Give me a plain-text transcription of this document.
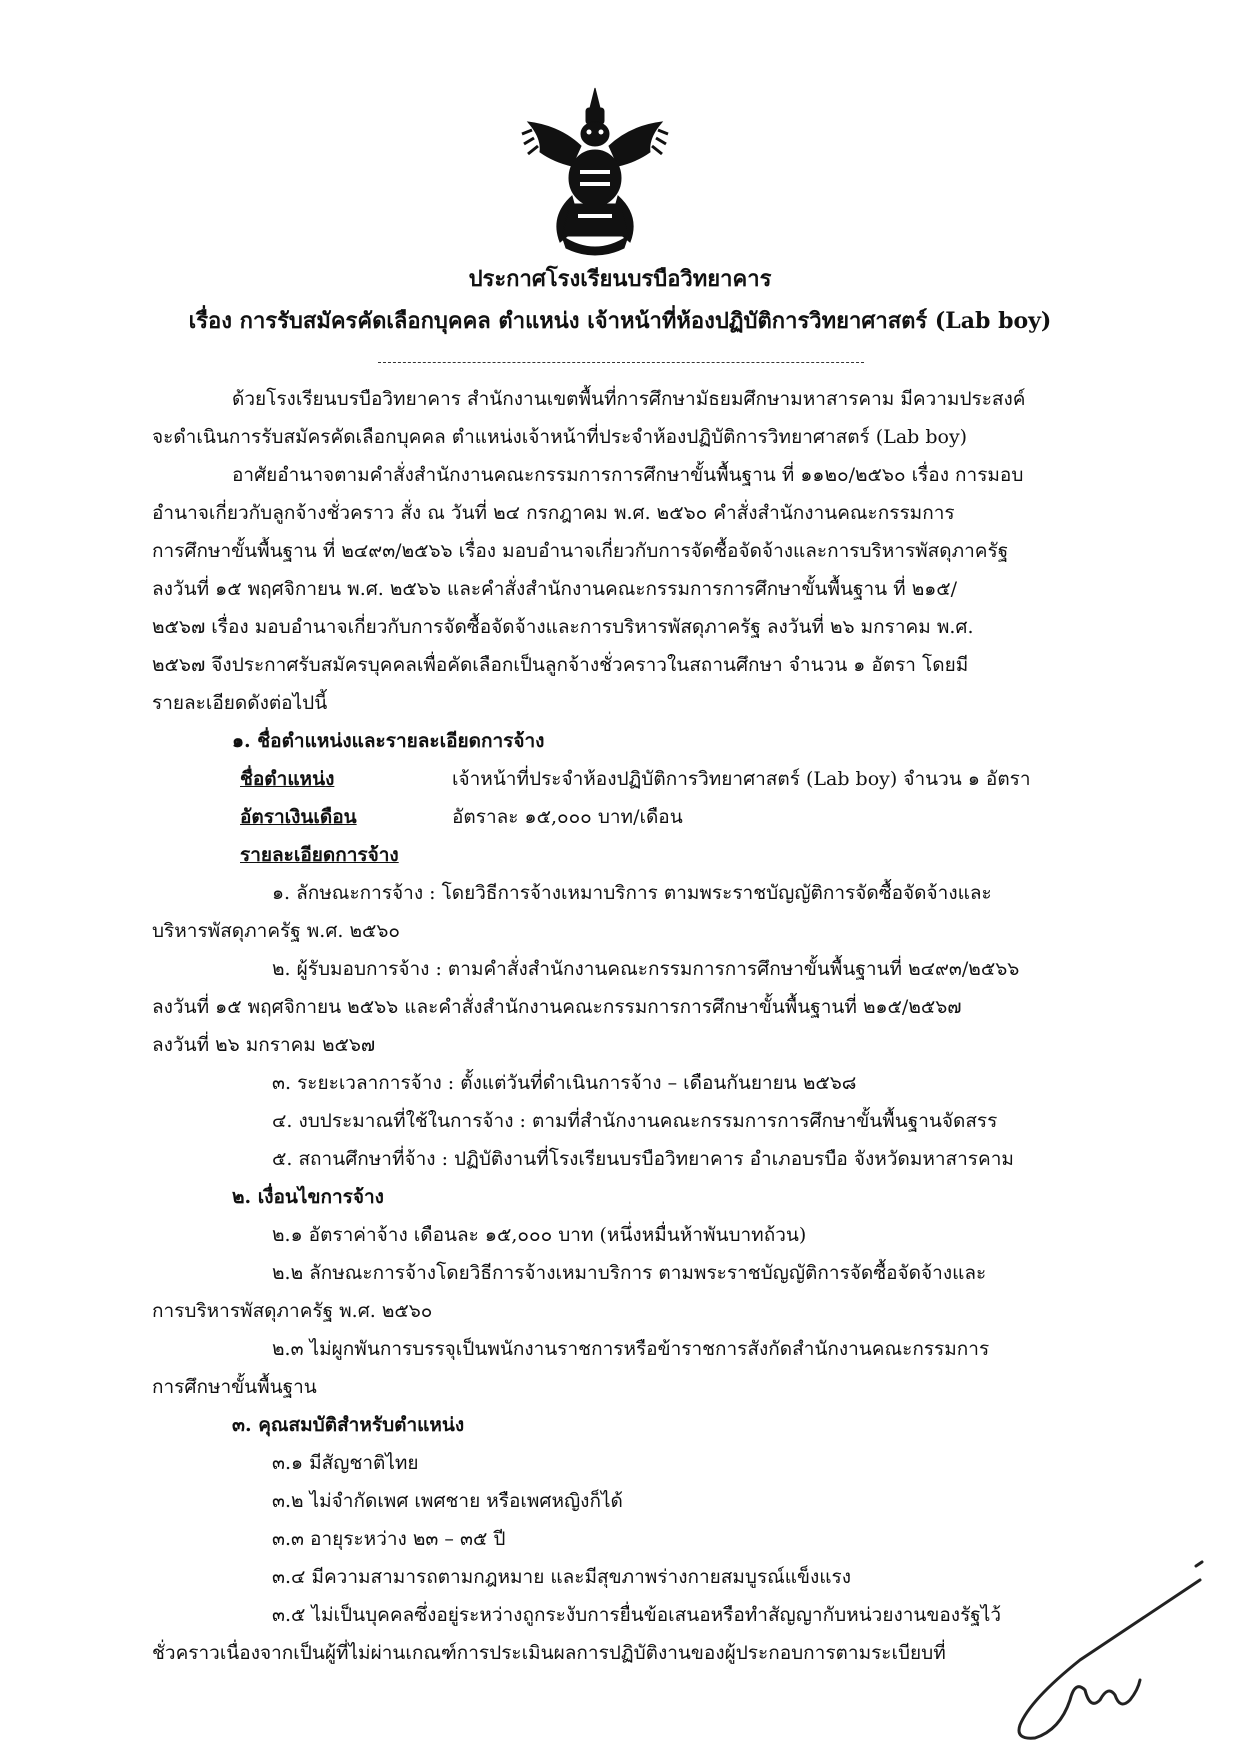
ประกาศโรงเรียนบรบือวิทยาคาร
เรื่อง การรับสมัครคัดเลือกบุคคล ตำแหน่ง เจ้าหน้าที่ห้องปฏิบัติการวิทยาศาสตร์ (Lab boy)
ด้วยโรงเรียนบรบือวิทยาคาร สำนักงานเขตพื้นที่การศึกษามัธยมศึกษามหาสารคาม มีความประสงค์
จะดำเนินการรับสมัครคัดเลือกบุคคล ตำแหน่งเจ้าหน้าที่ประจำห้องปฏิบัติการวิทยาศาสตร์ (Lab boy)
อาศัยอำนาจตามคำสั่งสำนักงานคณะกรรมการการศึกษาขั้นพื้นฐาน ที่ ๑๑๒๐/๒๕๖๐ เรื่อง การมอบ
อำนาจเกี่ยวกับลูกจ้างชั่วคราว สั่ง ณ วันที่ ๒๔ กรกฎาคม พ.ศ. ๒๕๖๐ คำสั่งสำนักงานคณะกรรมการ
การศึกษาขั้นพื้นฐาน ที่ ๒๔๙๓/๒๕๖๖ เรื่อง มอบอำนาจเกี่ยวกับการจัดซื้อจัดจ้างและการบริหารพัสดุภาครัฐ
ลงวันที่ ๑๕ พฤศจิกายน พ.ศ. ๒๕๖๖ และคำสั่งสำนักงานคณะกรรมการการศึกษาขั้นพื้นฐาน ที่ ๒๑๕/
๒๕๖๗ เรื่อง มอบอำนาจเกี่ยวกับการจัดซื้อจัดจ้างและการบริหารพัสดุภาครัฐ ลงวันที่ ๒๖ มกราคม พ.ศ.
๒๕๖๗ จึงประกาศรับสมัครบุคคลเพื่อคัดเลือกเป็นลูกจ้างชั่วคราวในสถานศึกษา จำนวน ๑ อัตรา โดยมี
รายละเอียดดังต่อไปนี้
๑. ชื่อตำแหน่งและรายละเอียดการจ้าง
ชื่อตำแหน่ง	เจ้าหน้าที่ประจำห้องปฏิบัติการวิทยาศาสตร์ (Lab boy) จำนวน ๑ อัตรา
อัตราเงินเดือน	อัตราละ ๑๕,๐๐๐ บาท/เดือน
รายละเอียดการจ้าง
๑. ลักษณะการจ้าง : โดยวิธีการจ้างเหมาบริการ ตามพระราชบัญญัติการจัดซื้อจัดจ้างและ
บริหารพัสดุภาครัฐ พ.ศ. ๒๕๖๐
๒. ผู้รับมอบการจ้าง : ตามคำสั่งสำนักงานคณะกรรมการการศึกษาขั้นพื้นฐานที่ ๒๔๙๓/๒๕๖๖
ลงวันที่ ๑๕ พฤศจิกายน ๒๕๖๖ และคำสั่งสำนักงานคณะกรรมการการศึกษาขั้นพื้นฐานที่ ๒๑๕/๒๕๖๗
ลงวันที่ ๒๖ มกราคม ๒๕๖๗
๓. ระยะเวลาการจ้าง : ตั้งแต่วันที่ดำเนินการจ้าง – เดือนกันยายน ๒๕๖๘
๔. งบประมาณที่ใช้ในการจ้าง : ตามที่สำนักงานคณะกรรมการการศึกษาขั้นพื้นฐานจัดสรร
๕. สถานศึกษาที่จ้าง : ปฏิบัติงานที่โรงเรียนบรบือวิทยาคาร อำเภอบรบือ จังหวัดมหาสารคาม
๒. เงื่อนไขการจ้าง
๒.๑ อัตราค่าจ้าง เดือนละ ๑๕,๐๐๐ บาท (หนึ่งหมื่นห้าพันบาทถ้วน)
๒.๒ ลักษณะการจ้างโดยวิธีการจ้างเหมาบริการ ตามพระราชบัญญัติการจัดซื้อจัดจ้างและ
การบริหารพัสดุภาครัฐ พ.ศ. ๒๕๖๐
๒.๓ ไม่ผูกพันการบรรจุเป็นพนักงานราชการหรือข้าราชการสังกัดสำนักงานคณะกรรมการ
การศึกษาขั้นพื้นฐาน
๓. คุณสมบัติสำหรับตำแหน่ง
๓.๑ มีสัญชาติไทย
๓.๒ ไม่จำกัดเพศ เพศชาย หรือเพศหญิงก็ได้
๓.๓ อายุระหว่าง ๒๓ – ๓๕ ปี
๓.๔ มีความสามารถตามกฎหมาย และมีสุขภาพร่างกายสมบูรณ์แข็งแรง
๓.๕ ไม่เป็นบุคคลซึ่งอยู่ระหว่างถูกระงับการยื่นข้อเสนอหรือทำสัญญากับหน่วยงานของรัฐไว้
ชั่วคราวเนื่องจากเป็นผู้ที่ไม่ผ่านเกณฑ์การประเมินผลการปฏิบัติงานของผู้ประกอบการตามระเบียบที่
